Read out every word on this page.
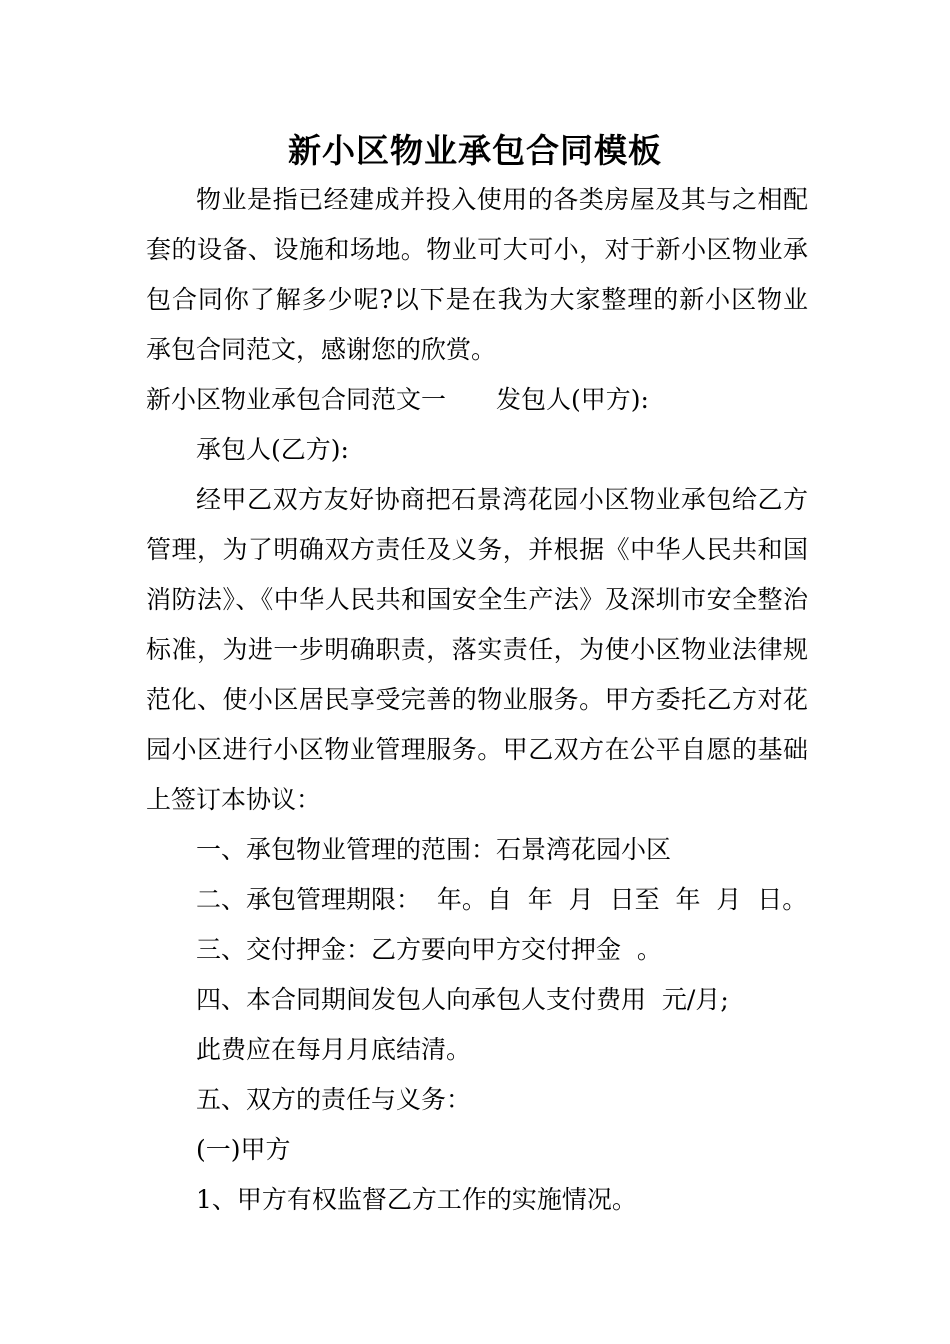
新小区物业承包合同模板

物业是指已经建成并投入使用的各类房屋及其与之相配套的设备、设施和场地。物业可大可小，对于新小区物业承包合同你了解多少呢?以下是在我为大家整理的新小区物业承包合同范文，感谢您的欣赏。

新小区物业承包合同范文一　　发包人(甲方):

承包人(乙方):

经甲乙双方友好协商把石景湾花园小区物业承包给乙方管理，为了明确双方责任及义务，并根据《中华人民共和国消防法》、《中华人民共和国安全生产法》及深圳市安全整治标准，为进一步明确职责，落实责任，为使小区物业法律规范化、使小区居民享受完善的物业服务。甲方委托乙方对花园小区进行小区物业管理服务。甲乙双方在公平自愿的基础上签订本协议：

一、承包物业管理的范围：石景湾花园小区

二、承包管理期限：  年。自  年  月  日至  年  月  日。

三、交付押金：乙方要向甲方交付押金  。

四、本合同期间发包人向承包人支付费用  元/月;

此费应在每月月底结清。

五、双方的责任与义务：

(一)甲方

1、甲方有权监督乙方工作的实施情况。
